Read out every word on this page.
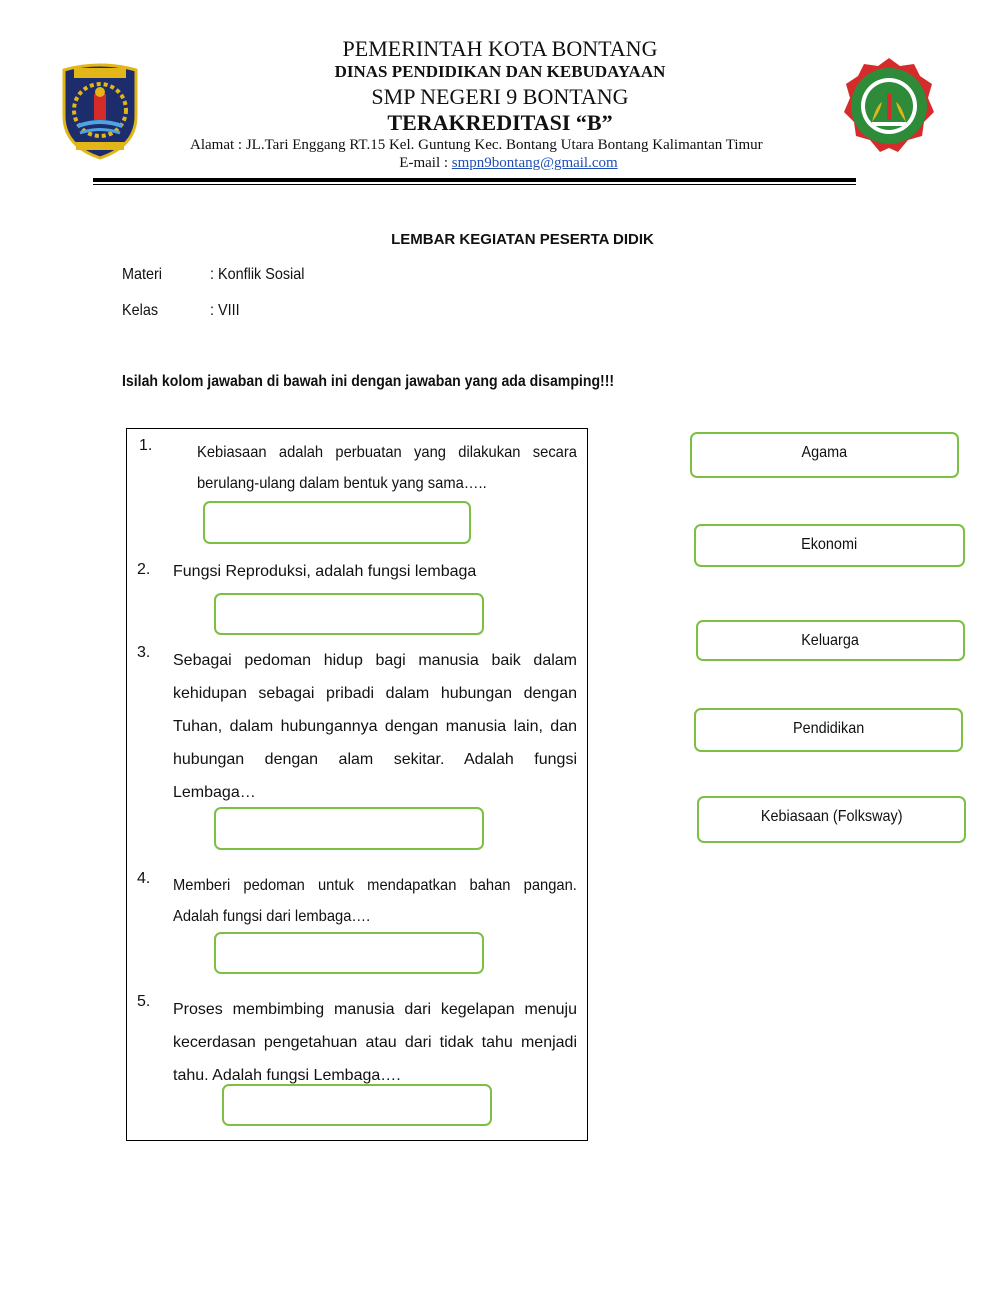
PEMERINTAH KOTA BONTANG
DINAS PENDIDIKAN DAN KEBUDAYAAN
SMP NEGERI 9 BONTANG
TERAKREDITASI “B”
Alamat : JL.Tari Enggang RT.15 Kel. Guntung Kec. Bontang Utara Bontang Kalimantan Timur
E-mail : smpn9bontang@gmail.com
LEMBAR KEGIATAN PESERTA DIDIK
Materi	: Konflik Sosial
Kelas	: VIII
Isilah kolom jawaban di bawah ini dengan jawaban yang ada disamping!!!
1.	Kebiasaan adalah perbuatan yang dilakukan secara berulang-ulang dalam bentuk yang sama…..
2. Fungsi Reproduksi, adalah fungsi lembaga
3. Sebagai pedoman hidup bagi manusia baik dalam kehidupan sebagai pribadi dalam hubungan dengan Tuhan, dalam hubungannya dengan manusia lain, dan hubungan dengan alam sekitar. Adalah fungsi Lembaga…
4. Memberi pedoman untuk mendapatkan bahan pangan. Adalah fungsi dari lembaga….
5. Proses membimbing manusia dari kegelapan menuju kecerdasan pengetahuan atau dari tidak tahu menjadi tahu. Adalah fungsi Lembaga….
Agama
Ekonomi
Keluarga
Pendidikan
Kebiasaan (Folksway)
